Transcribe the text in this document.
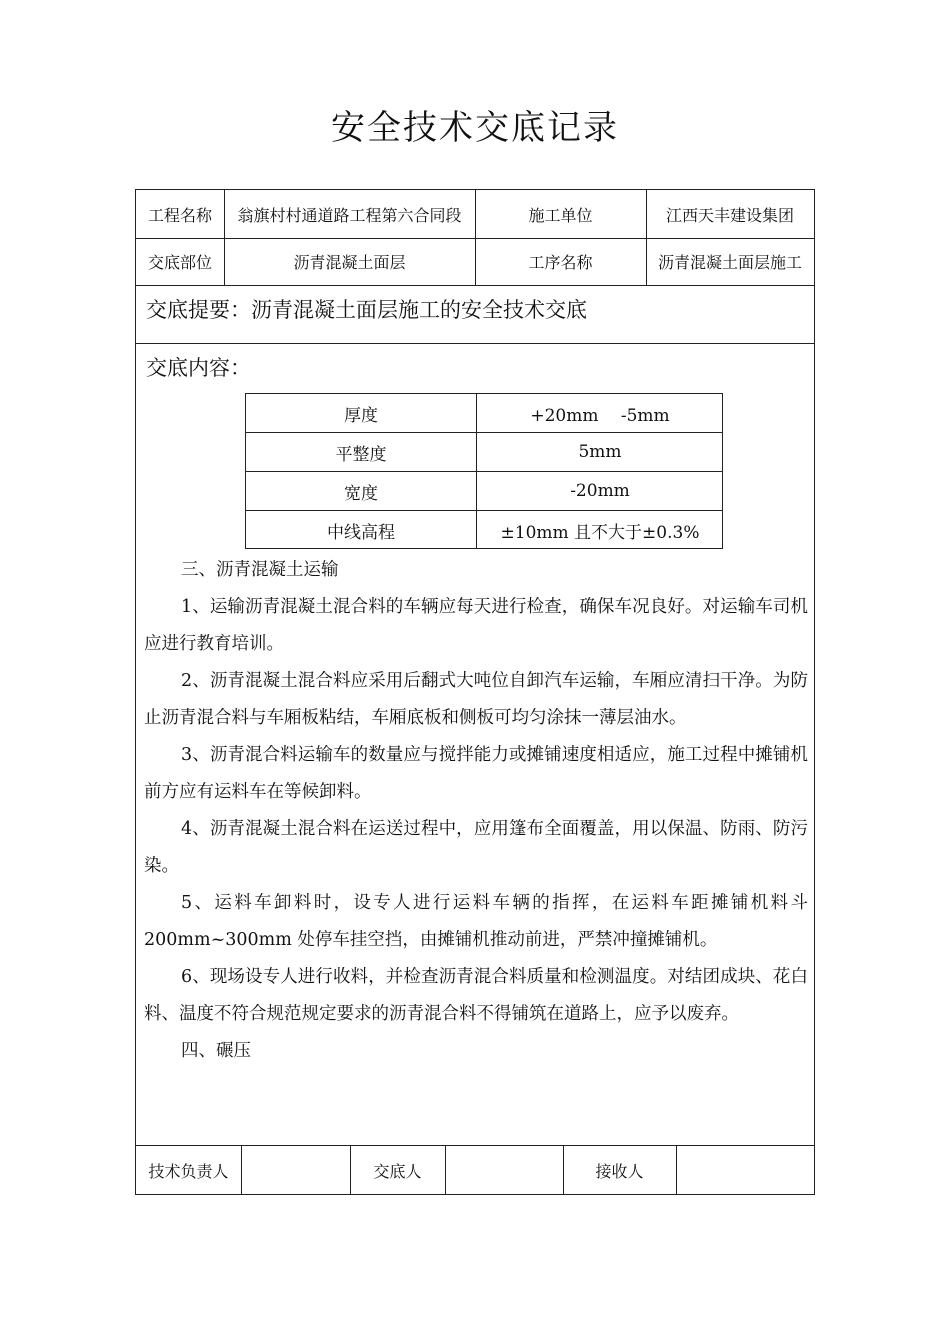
安全技术交底记录
工程名称	翁旗村村通道路工程第六合同段	施工单位	江西天丰建设集团
交底部位	沥青混凝土面层	工序名称	沥青混凝土面层施工
交底提要：沥青混凝土面层施工的安全技术交底
交底内容：
厚度	+20mm　 -5mm
平整度	5mm
宽度	-20mm
中线高程	±10mm 且不大于±0.3%

三、沥青混凝土运输

1、运输沥青混凝土混合料的车辆应每天进行检查，确保车况良好。对运输车司机应进行教育培训。

2、沥青混凝土混合料应采用后翻式大吨位自卸汽车运输，车厢应清扫干净。为防止沥青混合料与车厢板粘结，车厢底板和侧板可均匀涂抹一薄层油水。

3、沥青混合料运输车的数量应与搅拌能力或摊铺速度相适应，施工过程中摊铺机前方应有运料车在等候卸料。

4、沥青混凝土混合料在运送过程中，应用篷布全面覆盖，用以保温、防雨、防污染。

5、运料车卸料时，设专人进行运料车辆的指挥，在运料车距摊铺机料斗 200mm~300mm 处停车挂空挡，由摊铺机推动前进，严禁冲撞摊铺机。

6、现场设专人进行收料，并检查沥青混合料质量和检测温度。对结团成块、花白料、温度不符合规范规定要求的沥青混合料不得铺筑在道路上，应予以废弃。

四、碾压

技术负责人	交底人	接收人
